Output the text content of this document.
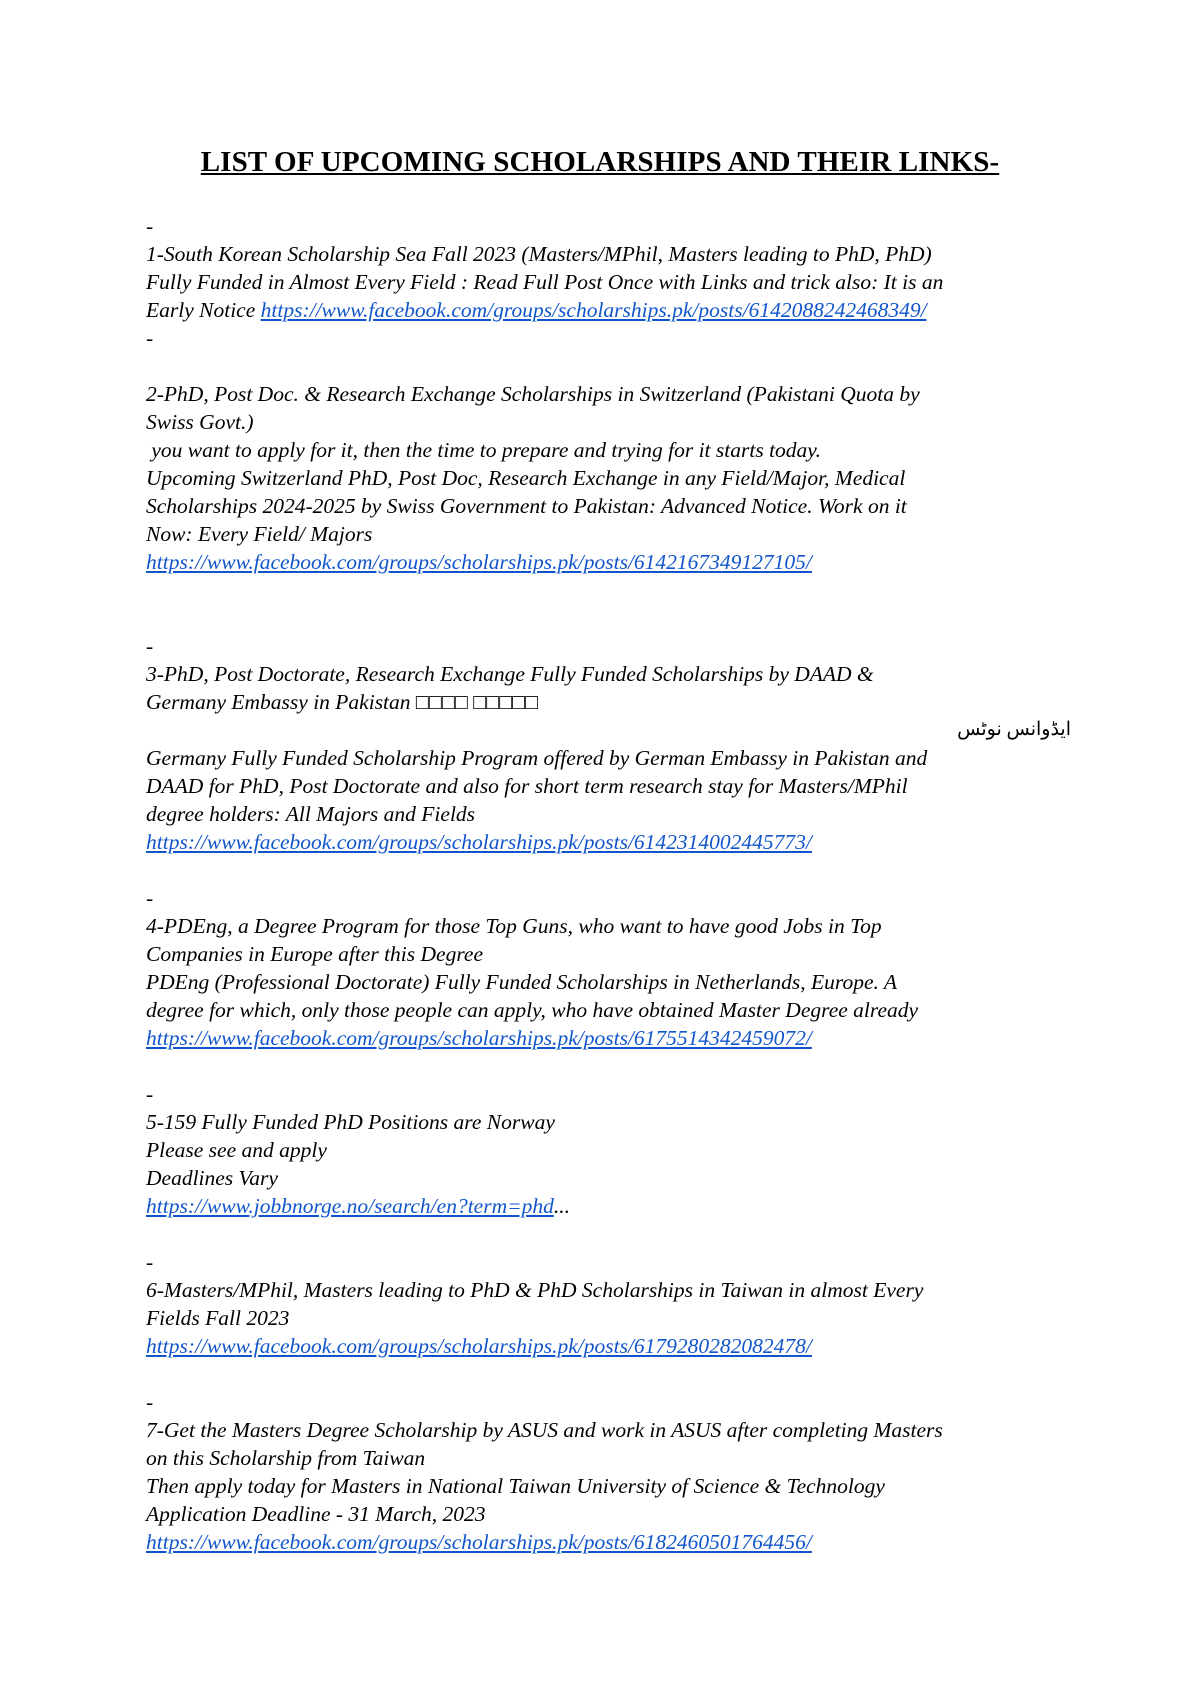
LIST OF UPCOMING SCHOLARSHIPS AND THEIR LINKS-
-
1-South Korean Scholarship Sea Fall 2023 (Masters/MPhil, Masters leading to PhD, PhD)
Fully Funded in Almost Every Field : Read Full Post Once with Links and trick also: It is an
Early Notice https://www.facebook.com/groups/scholarships.pk/posts/6142088242468349/
-
2-PhD, Post Doc. & Research Exchange Scholarships in Switzerland (Pakistani Quota by
Swiss Govt.)
you want to apply for it, then the time to prepare and trying for it starts today.
Upcoming Switzerland PhD, Post Doc, Research Exchange in any Field/Major, Medical
Scholarships 2024-2025 by Swiss Government to Pakistan: Advanced Notice. Work on it
Now: Every Field/ Majors
https://www.facebook.com/groups/scholarships.pk/posts/6142167349127105/
-
3-PhD, Post Doctorate, Research Exchange Fully Funded Scholarships by DAAD &
Germany Embassy in Pakistan □□□□ □□□□□
ایڈوانس نوٹس
Germany Fully Funded Scholarship Program offered by German Embassy in Pakistan and
DAAD for PhD, Post Doctorate and also for short term research stay for Masters/MPhil
degree holders: All Majors and Fields
https://www.facebook.com/groups/scholarships.pk/posts/6142314002445773/
-
4-PDEng, a Degree Program for those Top Guns, who want to have good Jobs in Top
Companies in Europe after this Degree
PDEng (Professional Doctorate) Fully Funded Scholarships in Netherlands, Europe. A
degree for which, only those people can apply, who have obtained Master Degree already
https://www.facebook.com/groups/scholarships.pk/posts/6175514342459072/
-
5-159 Fully Funded PhD Positions are Norway
Please see and apply
Deadlines Vary
https://www.jobbnorge.no/search/en?term=phd...
-
6-Masters/MPhil, Masters leading to PhD & PhD Scholarships in Taiwan in almost Every
Fields Fall 2023
https://www.facebook.com/groups/scholarships.pk/posts/6179280282082478/
-
7-Get the Masters Degree Scholarship by ASUS and work in ASUS after completing Masters
on this Scholarship from Taiwan
Then apply today for Masters in National Taiwan University of Science & Technology
Application Deadline - 31 March, 2023
https://www.facebook.com/groups/scholarships.pk/posts/6182460501764456/
